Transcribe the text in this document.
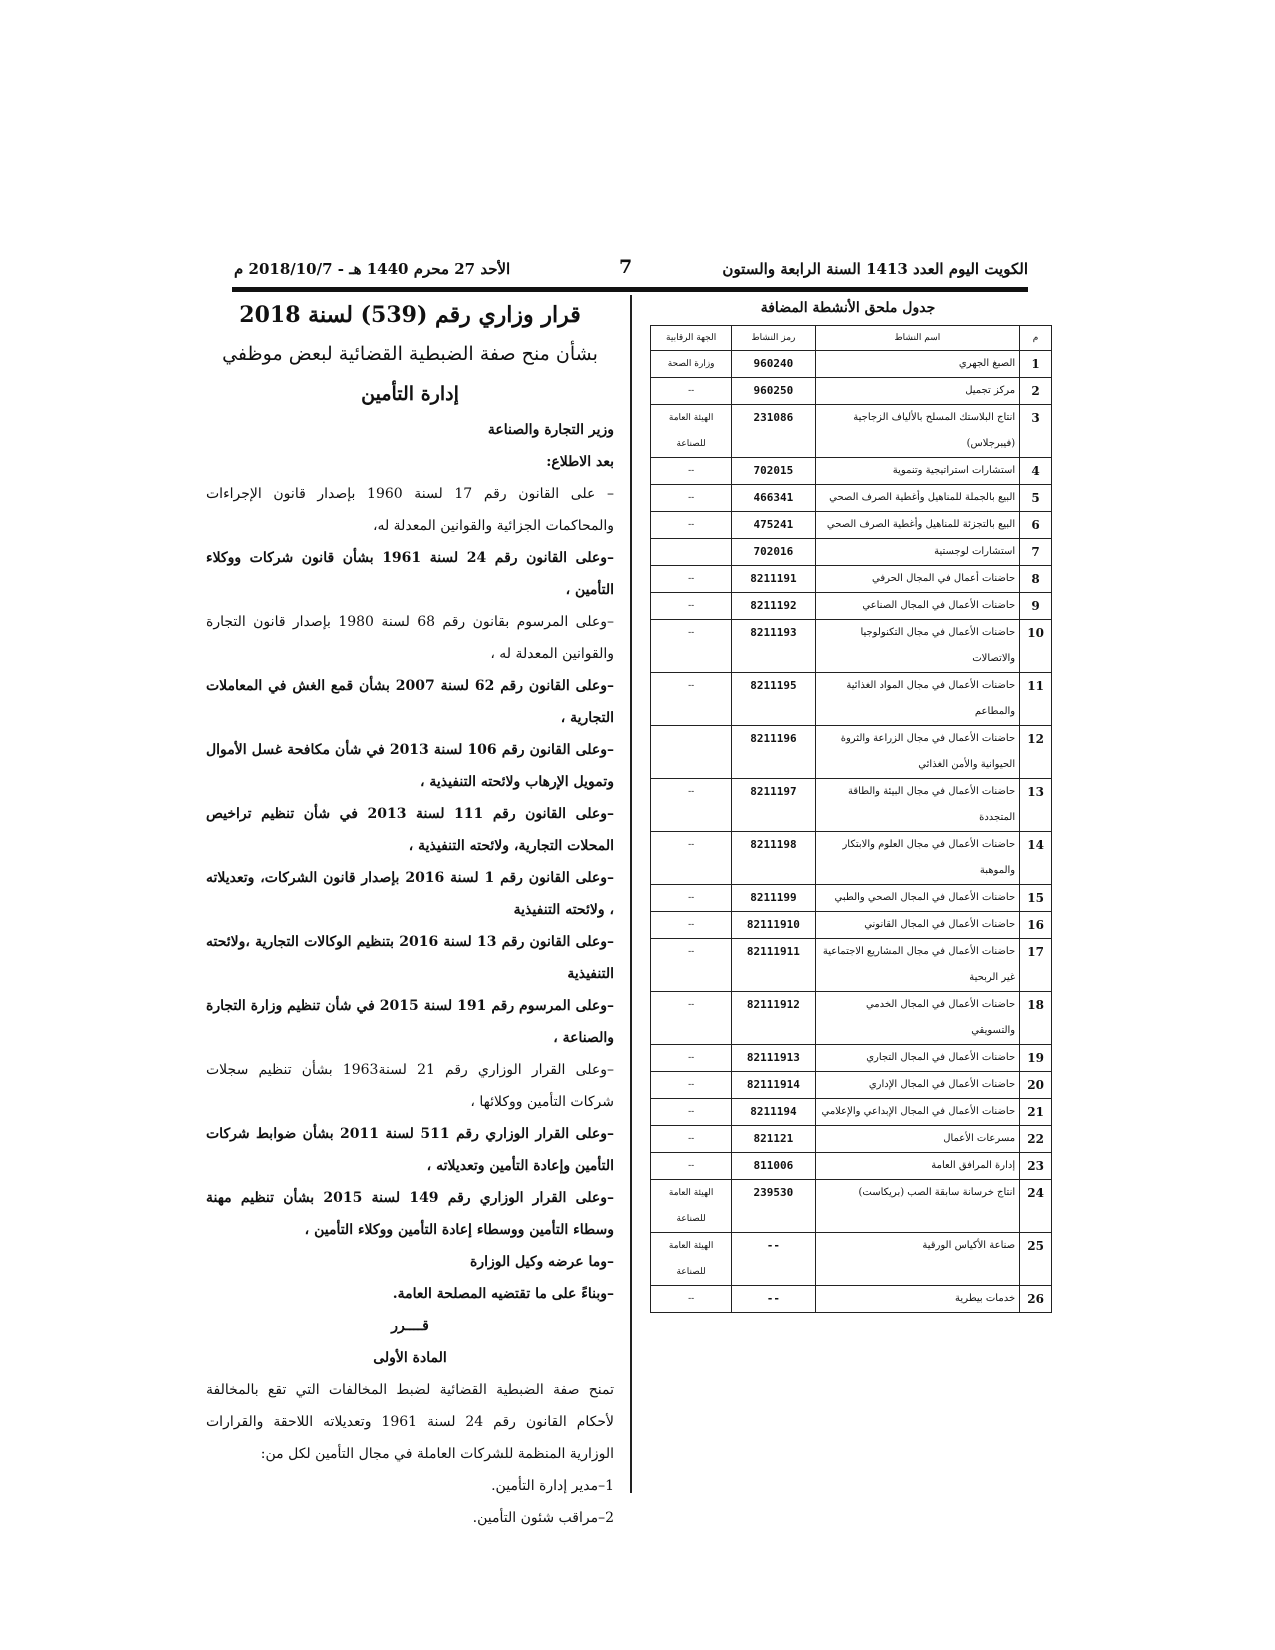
الكويت اليوم العدد 1413 السنة الرابعة والستون
7
الأحد 27 محرم 1440 هـ - 2018/10/7 م
قرار وزاري رقم (539) لسنة 2018
بشأن منح صفة الضبطية القضائية لبعض موظفي
إدارة التأمين

وزير التجارة والصناعة

بعد الاطلاع:

– على القانون رقم 17 لسنة 1960 بإصدار قانون الإجراءات والمحاكمات الجزائية والقوانين المعدلة له،

–وعلى القانون رقم 24 لسنة 1961 بشأن قانون شركات ووكلاء التأمين ،

–وعلى المرسوم بقانون رقم 68 لسنة 1980 بإصدار قانون التجارة والقوانين المعدلة له ،

–وعلى القانون رقم 62 لسنة 2007 بشأن قمع الغش في المعاملات التجارية ،

–وعلى القانون رقم 106 لسنة 2013 في شأن مكافحة غسل الأموال وتمويل الإرهاب ولائحته التنفيذية ،

–وعلى القانون رقم 111 لسنة 2013 في شأن تنظيم تراخيص المحلات التجارية، ولائحته التنفيذية ،

–وعلى القانون رقم 1 لسنة 2016 بإصدار قانون الشركات، وتعديلاته ، ولائحته التنفيذية

–وعلى القانون رقم 13 لسنة 2016 بتنظيم الوكالات التجارية ،ولائحته التنفيذية

–وعلى المرسوم رقم 191 لسنة 2015 في شأن تنظيم وزارة التجارة والصناعة ،

–وعلى القرار الوزاري رقم 21 لسنة1963 بشأن تنظيم سجلات شركات التأمين ووكلائها ،

–وعلى القرار الوزاري رقم 511 لسنة 2011 بشأن ضوابط شركات التأمين وإعادة التأمين وتعديلاته ،

–وعلى القرار الوزاري رقم 149 لسنة 2015 بشأن تنظيم مهنة وسطاء التأمين ووسطاء إعادة التأمين ووكلاء التأمين ،

–وما عرضه وكيل الوزارة

–وبناءً على ما تقتضيه المصلحة العامة.

قــــرر

المادة الأولى

تمنح صفة الضبطية القضائية لضبط المخالفات التي تقع بالمخالفة لأحكام القانون رقم 24 لسنة 1961 وتعديلاته اللاحقة والقرارات الوزارية المنظمة للشركات العاملة في مجال التأمين لكل من:

1–مدير إدارة التأمين.

2–مراقب شئون التأمين.

جدول ملحق الأنشطة المضافة
م	اسم النشاط	رمز النشاط	الجهة الرقابية
1	الصبغ الجهري	960240	وزارة الصحة
2	مركز تجميل	960250	--
3	انتاج البلاستك المسلح بالألياف الزجاجية (فيبرجلاس)	231086	الهيئة العامة للصناعة
4	استشارات استراتيجية وتنموية	702015	--
5	البيع بالجملة للمناهيل وأغطية الصرف الصحي	466341	--
6	البيع بالتجزئة للمناهيل وأغطية الصرف الصحي	475241	--
7	استشارات لوجستية	702016	
8	حاضنات أعمال في المجال الحرفي	8211191	--
9	حاضنات الأعمال في المجال الصناعي	8211192	--
10	حاضنات الأعمال في مجال التكنولوجيا والاتصالات	8211193	--
11	حاضنات الأعمال في مجال المواد الغذائية والمطاعم	8211195	--
12	حاضنات الأعمال في مجال الزراعة والثروة الحيوانية والأمن الغذائي	8211196	
13	حاضنات الأعمال في مجال البيئة والطاقة المتجددة	8211197	--
14	حاضنات الأعمال في مجال العلوم والابتكار والموهبة	8211198	--
15	حاضنات الأعمال في المجال الصحي والطبي	8211199	--
16	حاضنات الأعمال في المجال القانوني	82111910	--
17	حاضنات الأعمال في مجال المشاريع الاجتماعية غير الربحية	82111911	--
18	حاضنات الأعمال في المجال الخدمي والتسويقي	82111912	--
19	حاضنات الأعمال في المجال التجاري	82111913	--
20	حاضنات الأعمال في المجال الإداري	82111914	--
21	حاضنات الأعمال في المجال الإبداعي والإعلامي	8211194	--
22	مسرعات الأعمال	821121	--
23	إدارة المرافق العامة	811006	--
24	انتاج خرسانة سابقة الصب (بريكاست)	239530	الهيئة العامة للصناعة
25	صناعة الأكياس الورقية	--	الهيئة العامة للصناعة
26	خدمات بيطرية	--	--
